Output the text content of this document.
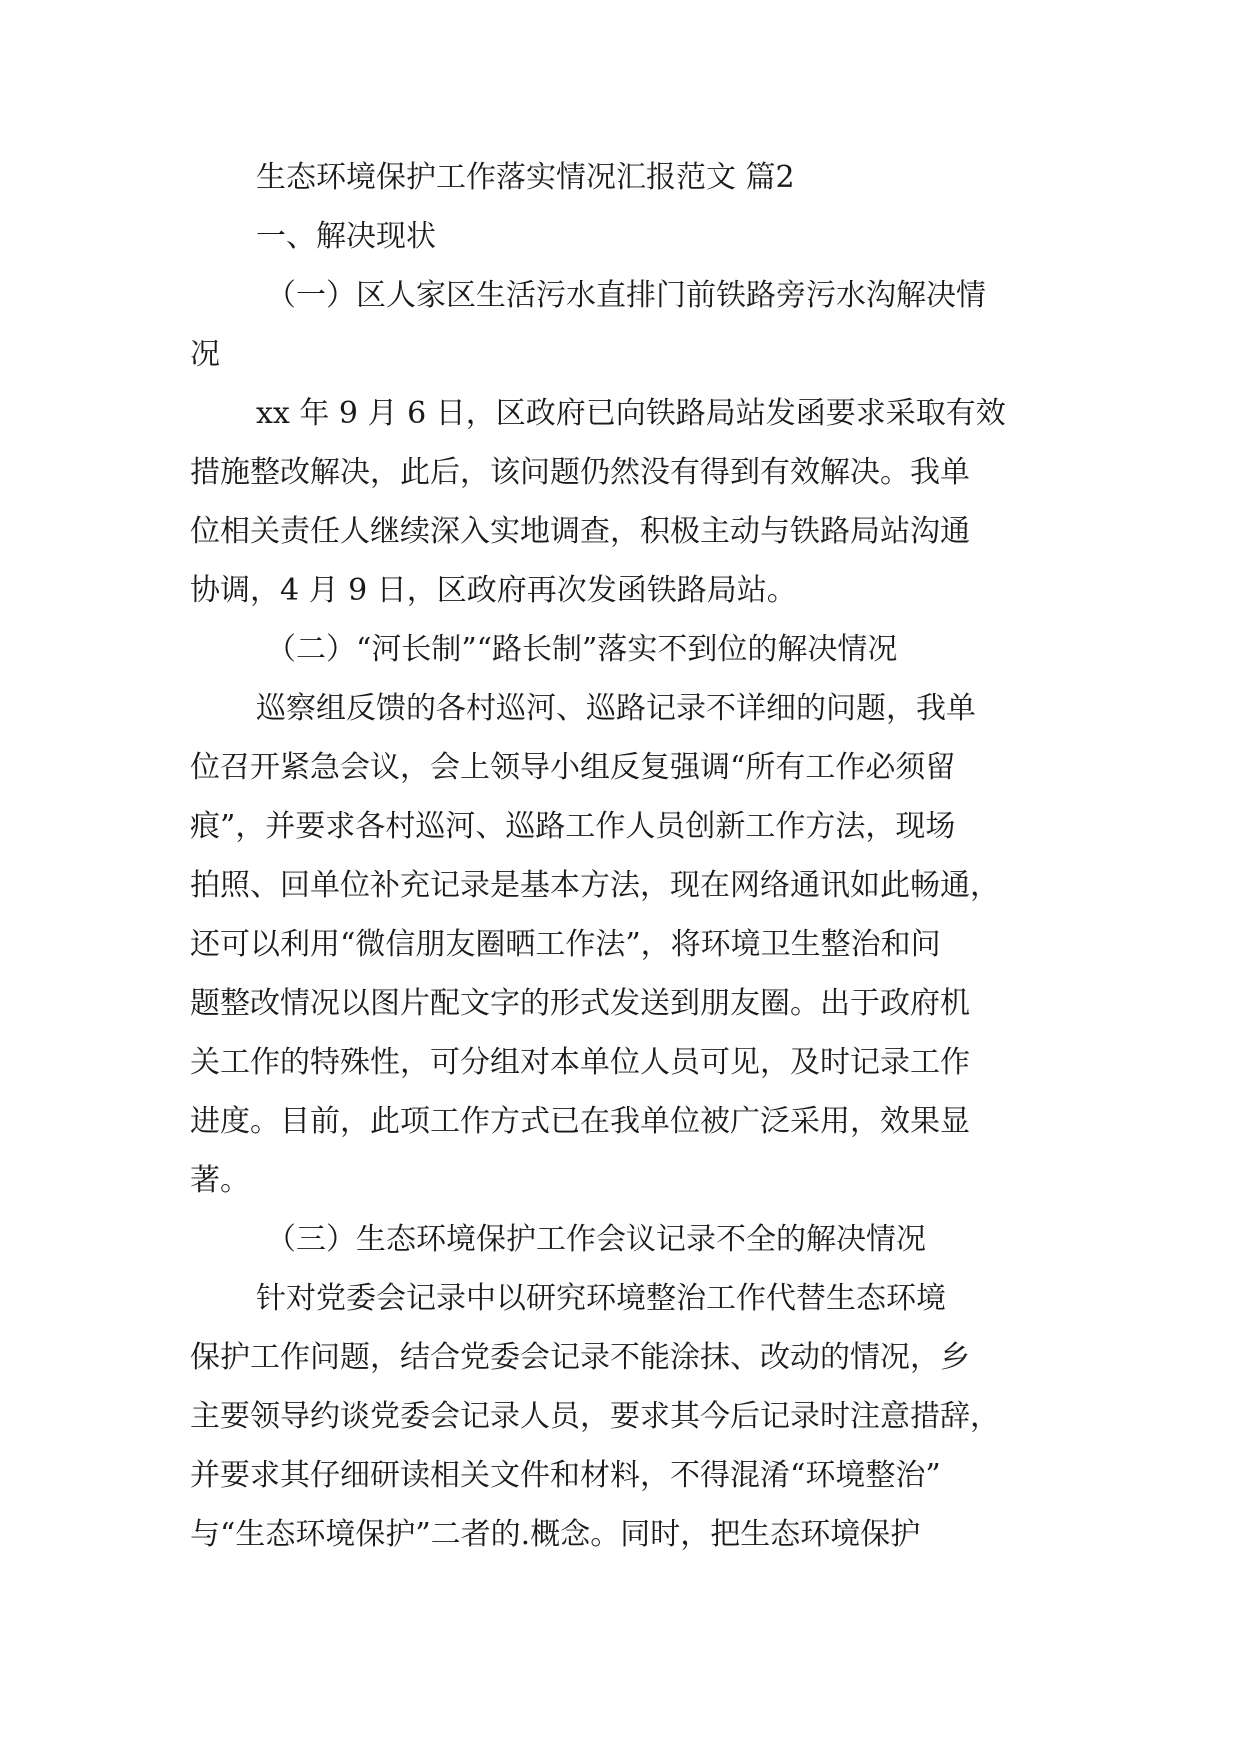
生态环境保护工作落实情况汇报范文 篇2
一、解决现状
（一）区人家区生活污水直排门前铁路旁污水沟解决情
况
xx 年 9 月 6 日，区政府已向铁路局站发函要求采取有效
措施整改解决，此后，该问题仍然没有得到有效解决。我单
位相关责任人继续深入实地调查，积极主动与铁路局站沟通
协调，4 月 9 日，区政府再次发函铁路局站。
（二）“河长制”“路长制”落实不到位的解决情况
巡察组反馈的各村巡河、巡路记录不详细的问题，我单
位召开紧急会议，会上领导小组反复强调“所有工作必须留
痕”，并要求各村巡河、巡路工作人员创新工作方法，现场
拍照、回单位补充记录是基本方法，现在网络通讯如此畅通，
还可以利用“微信朋友圈晒工作法”，将环境卫生整治和问
题整改情况以图片配文字的形式发送到朋友圈。出于政府机
关工作的特殊性，可分组对本单位人员可见，及时记录工作
进度。目前，此项工作方式已在我单位被广泛采用，效果显
著。
（三）生态环境保护工作会议记录不全的解决情况
针对党委会记录中以研究环境整治工作代替生态环境
保护工作问题，结合党委会记录不能涂抹、改动的情况，乡
主要领导约谈党委会记录人员，要求其今后记录时注意措辞，
并要求其仔细研读相关文件和材料，不得混淆“环境整治”
与“生态环境保护”二者的.概念。同时，把生态环境保护
